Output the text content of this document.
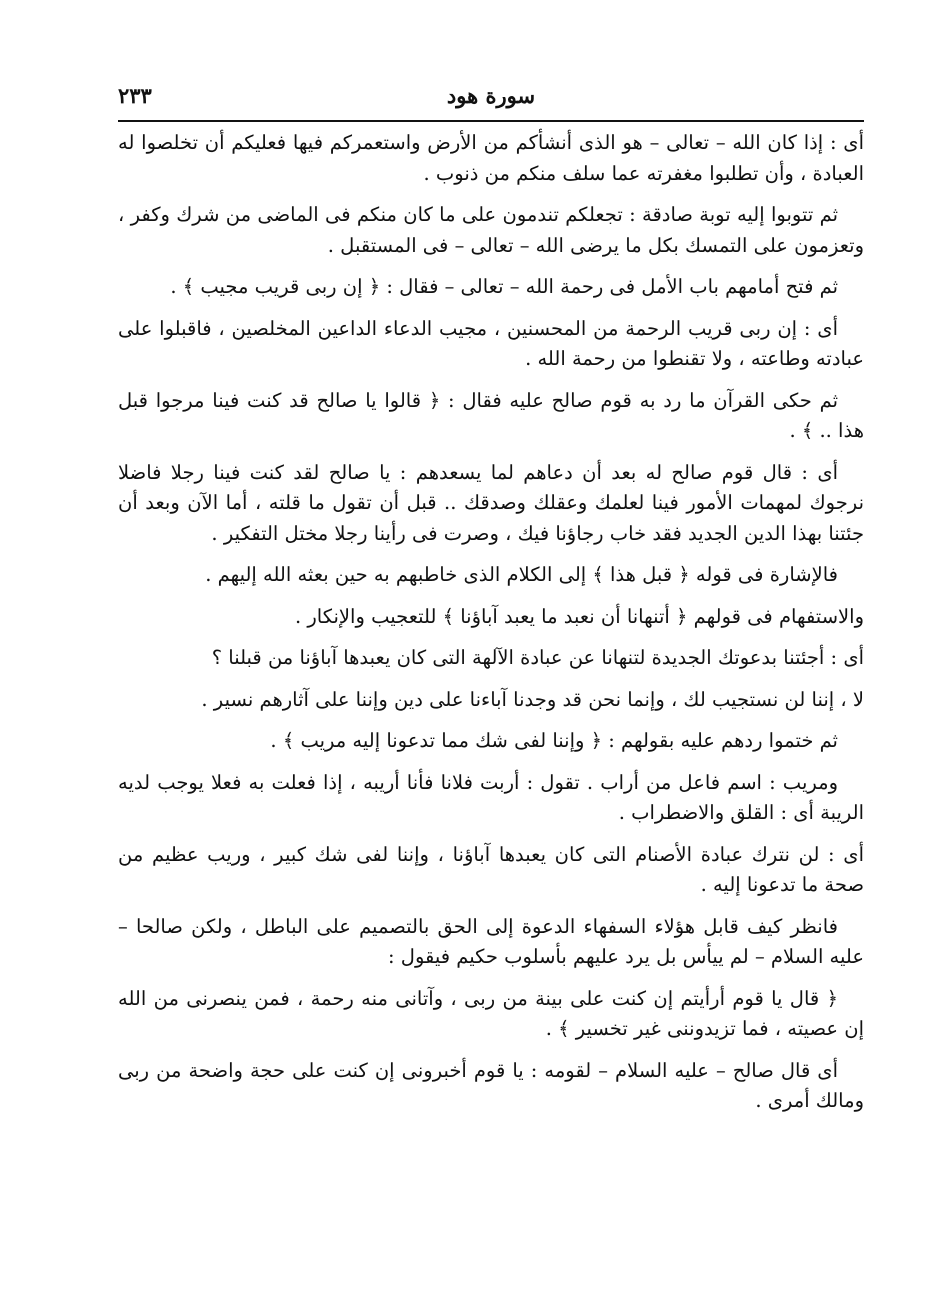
سورة هود
٢٣٣

أى : إذا كان الله – تعالى – هو الذى أنشأكم من الأرض واستعمركم فيها فعليكم أن تخلصوا له العبادة ، وأن تطلبوا مغفرته عما سلف منكم من ذنوب .

ثم تتوبوا إليه توبة صادقة : تجعلكم تندمون على ما كان منكم فى الماضى من شرك وكفر ، وتعزمون على التمسك بكل ما يرضى الله – تعالى – فى المستقبل .

ثم فتح أمامهم باب الأمل فى رحمة الله – تعالى – فقال : ﴿ إن ربى قريب مجيب ﴾ .

أى : إن ربى قريب الرحمة من المحسنين ، مجيب الدعاء الداعين المخلصين ، فاقبلوا على عبادته وطاعته ، ولا تقنطوا من رحمة الله .

ثم حكى القرآن ما رد به قوم صالح عليه فقال : ﴿ قالوا يا صالح قد كنت فينا مرجوا قبل هذا .. ﴾ .

أى : قال قوم صالح له بعد أن دعاهم لما يسعدهم : يا صالح لقد كنت فينا رجلا فاضلا نرجوك لمهمات الأمور فينا لعلمك وعقلك وصدقك .. قبل أن تقول ما قلته ، أما الآن وبعد أن جئتنا بهذا الدين الجديد فقد خاب رجاؤنا فيك ، وصرت فى رأينا رجلا مختل التفكير .

فالإشارة فى قوله ﴿ قبل هذا ﴾ إلى الكلام الذى خاطبهم به حين بعثه الله إليهم .

والاستفهام فى قولهم ﴿ أتنهانا أن نعبد ما يعبد آباؤنا ﴾ للتعجيب والإنكار .

أى : أجئتنا بدعوتك الجديدة لتنهانا عن عبادة الآلهة التى كان يعبدها آباؤنا من قبلنا ؟

لا ، إننا لن نستجيب لك ، وإنما نحن قد وجدنا آباءنا على دين وإننا على آثارهم نسير .

ثم ختموا ردهم عليه بقولهم : ﴿ وإننا لفى شك مما تدعونا إليه مريب ﴾ .

ومريب : اسم فاعل من أراب . تقول : أربت فلانا فأنا أريبه ، إذا فعلت به فعلا يوجب لديه الريبة أى : القلق والاضطراب .

أى : لن نترك عبادة الأصنام التى كان يعبدها آباؤنا ، وإننا لفى شك كبير ، وريب عظيم من صحة ما تدعونا إليه .

فانظر كيف قابل هؤلاء السفهاء الدعوة إلى الحق بالتصميم على الباطل ، ولكن صالحا – عليه السلام – لم ييأس بل يرد عليهم بأسلوب حكيم فيقول :

﴿ قال يا قوم أرأيتم إن كنت على بينة من ربى ، وآتانى منه رحمة ، فمن ينصرنى من الله إن عصيته ، فما تزيدوننى غير تخسير ﴾ .

أى قال صالح – عليه السلام – لقومه : يا قوم أخبرونى إن كنت على حجة واضحة من ربى ومالك أمرى .
